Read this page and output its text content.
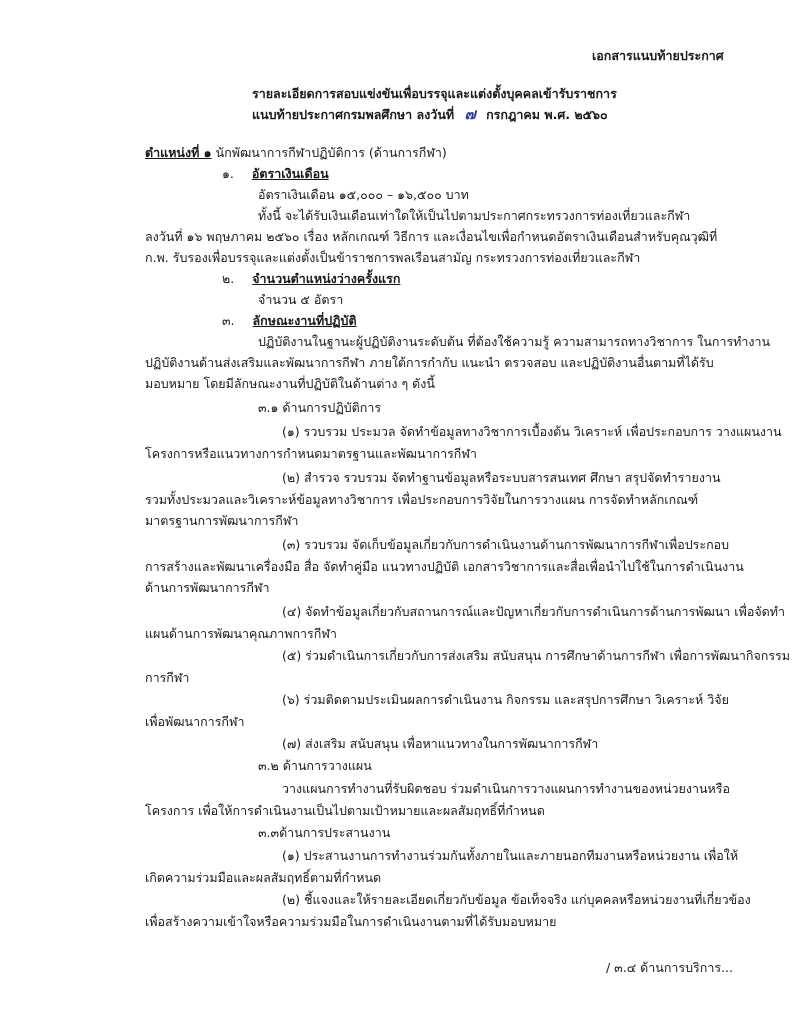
เอกสารแนบท้ายประกาศ
รายละเอียดการสอบแข่งขันเพื่อบรรจุและแต่งตั้งบุคคลเข้ารับราชการ
แนบท้ายประกาศกรมพลศึกษา ลงวันที่ ๗ กรกฎาคม พ.ศ. ๒๕๖๐
ตำแหน่งที่ ๑ นักพัฒนาการกีฬาปฏิบัติการ (ด้านการกีฬา)
๑. อัตราเงินเดือน
อัตราเงินเดือน ๑๕,๐๐๐ – ๑๖,๕๐๐ บาท
ทั้งนี้ จะได้รับเงินเดือนเท่าใดให้เป็นไปตามประกาศกระทรวงการท่องเที่ยวและกีฬา
ลงวันที่ ๑๖ พฤษภาคม ๒๕๖๐ เรื่อง หลักเกณฑ์ วิธีการ และเงื่อนไขเพื่อกำหนดอัตราเงินเดือนสำหรับคุณวุฒิที่
ก.พ. รับรองเพื่อบรรจุและแต่งตั้งเป็นข้าราชการพลเรือนสามัญ กระทรวงการท่องเที่ยวและกีฬา
๒. จำนวนตำแหน่งว่างครั้งแรก
จำนวน ๕ อัตรา
๓. ลักษณะงานที่ปฏิบัติ
ปฏิบัติงานในฐานะผู้ปฏิบัติงานระดับต้น ที่ต้องใช้ความรู้ ความสามารถทางวิชาการ ในการทำงาน
ปฏิบัติงานด้านส่งเสริมและพัฒนาการกีฬา ภายใต้การกำกับ แนะนำ ตรวจสอบ และปฏิบัติงานอื่นตามที่ได้รับ
มอบหมาย โดยมีลักษณะงานที่ปฏิบัติในด้านต่าง ๆ ดังนี้
๓.๑ ด้านการปฏิบัติการ
(๑) รวบรวม ประมวล จัดทำข้อมูลทางวิชาการเบื้องต้น วิเคราะห์ เพื่อประกอบการ วางแผนงาน
โครงการหรือแนวทางการกำหนดมาตรฐานและพัฒนาการกีฬา
(๒) สำรวจ รวบรวม จัดทำฐานข้อมูลหรือระบบสารสนเทศ ศึกษา สรุปจัดทำรายงาน
รวมทั้งประมวลและวิเคราะห์ข้อมูลทางวิชาการ เพื่อประกอบการวิจัยในการวางแผน การจัดทำหลักเกณฑ์
มาตรฐานการพัฒนาการกีฬา
(๓) รวบรวม จัดเก็บข้อมูลเกี่ยวกับการดำเนินงานด้านการพัฒนาการกีฬาเพื่อประกอบ
การสร้างและพัฒนาเครื่องมือ สื่อ จัดทำคู่มือ แนวทางปฏิบัติ เอกสารวิชาการและสื่อเพื่อนำไปใช้ในการดำเนินงาน
ด้านการพัฒนาการกีฬา
(๔) จัดทำข้อมูลเกี่ยวกับสถานการณ์และปัญหาเกี่ยวกับการดำเนินการด้านการพัฒนา เพื่อจัดทำ
แผนด้านการพัฒนาคุณภาพการกีฬา
(๕) ร่วมดำเนินการเกี่ยวกับการส่งเสริม สนับสนุน การศึกษาด้านการกีฬา เพื่อการพัฒนากิจกรรม
การกีฬา
(๖) ร่วมติดตามประเมินผลการดำเนินงาน กิจกรรม และสรุปการศึกษา วิเคราะห์ วิจัย
เพื่อพัฒนาการกีฬา
(๗) ส่งเสริม สนับสนุน เพื่อหาแนวทางในการพัฒนาการกีฬา
๓.๒ ด้านการวางแผน
วางแผนการทำงานที่รับผิดชอบ ร่วมดำเนินการวางแผนการทำงานของหน่วยงานหรือ
โครงการ เพื่อให้การดำเนินงานเป็นไปตามเป้าหมายและผลสัมฤทธิ์ที่กำหนด
๓.๓ด้านการประสานงาน
(๑) ประสานงานการทำงานร่วมกันทั้งภายในและภายนอกทีมงานหรือหน่วยงาน เพื่อให้
เกิดความร่วมมือและผลสัมฤทธิ์ตามที่กำหนด
(๒) ชี้แจงและให้รายละเอียดเกี่ยวกับข้อมูล ข้อเท็จจริง แก่บุคคลหรือหน่วยงานที่เกี่ยวข้อง
เพื่อสร้างความเข้าใจหรือความร่วมมือในการดำเนินงานตามที่ได้รับมอบหมาย
/ ๓.๔ ด้านการบริการ...
